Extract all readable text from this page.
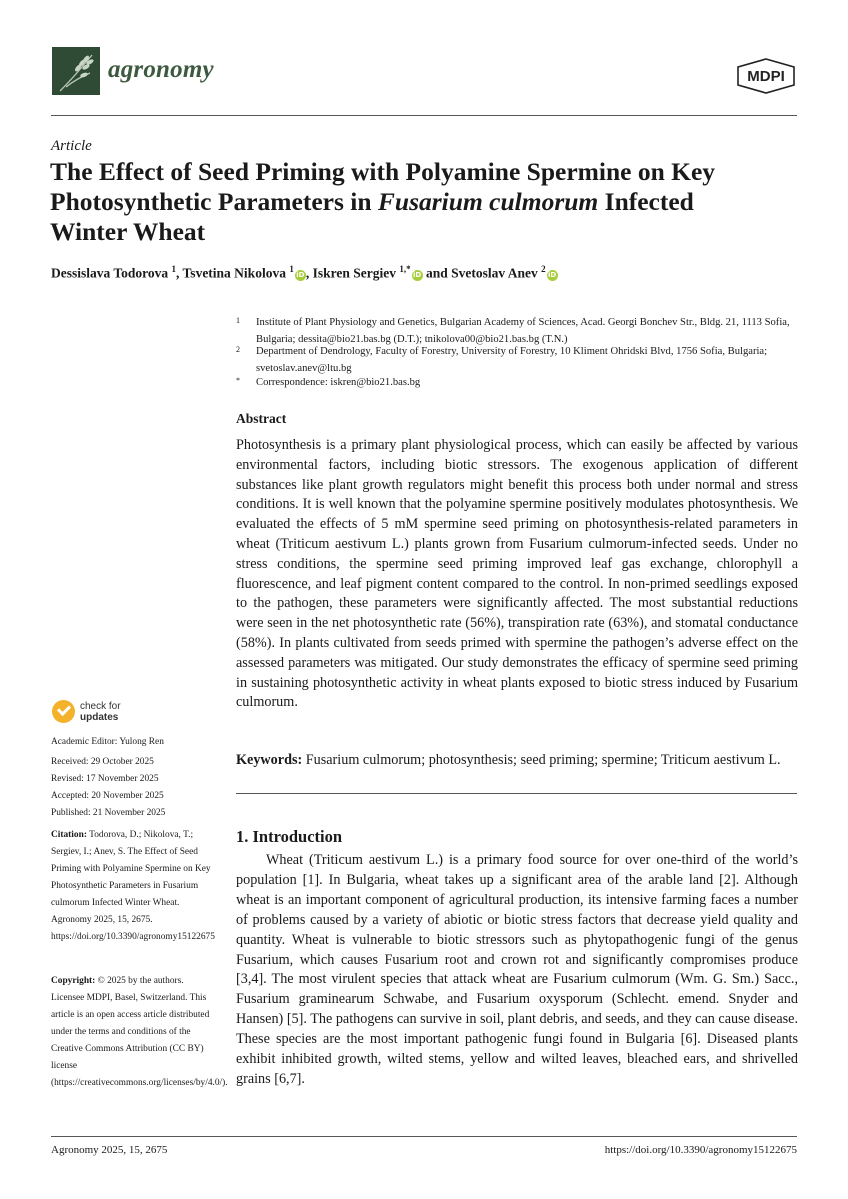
agronomy	MDPI
Article
The Effect of Seed Priming with Polyamine Spermine on Key
Photosynthetic Parameters in Fusarium culmorum Infected
Winter Wheat
Dessislava Todorova $^1$, Tsvetina Nikolova $^1$iD, Iskren Sergiev $^{1,*}$iD and Svetoslav Anev $^2$iD
1 Institute of Plant Physiology and Genetics, Bulgarian Academy of Sciences, Acad. Georgi Bonchev Str., Bldg. 21, 1113 Sofia, Bulgaria; dessita@bio21.bas.bg (D.T.); tnikolova00@bio21.bas.bg (T.N.)
2 Department of Dendrology, Faculty of Forestry, University of Forestry, 10 Kliment Ohridski Blvd, 1756 Sofia, Bulgaria; svetoslav.anev@ltu.bg
* Correspondence: iskren@bio21.bas.bg
Abstract

Photosynthesis is a primary plant physiological process, which can easily be affected by various environmental factors, including biotic stressors. The exogenous application of different substances like plant growth regulators might benefit this process both under normal and stress conditions. It is well known that the polyamine spermine positively modulates photosynthesis. We evaluated the effects of 5 mM spermine seed priming on photosynthesis-related parameters in wheat (Triticum aestivum L.) plants grown from Fusarium culmorum-infected seeds. Under no stress conditions, the spermine seed priming improved leaf gas exchange, chlorophyll a fluorescence, and leaf pigment content compared to the control. In non-primed seedlings exposed to the pathogen, these parameters were significantly affected. The most substantial reductions were seen in the net photosynthetic rate (56%), transpiration rate (63%), and stomatal conductance (58%). In plants cultivated from seeds primed with spermine the pathogen’s adverse effect on the assessed parameters was mitigated. Our study demonstrates the efficacy of spermine seed priming in sustaining photosynthetic activity in wheat plants exposed to biotic stress induced by Fusarium culmorum.

Keywords: Fusarium culmorum; photosynthesis; seed priming; spermine; Triticum aestivum L.
1. Introduction

Wheat (Triticum aestivum L.) is a primary food source for over one-third of the world’s population [1]. In Bulgaria, wheat takes up a significant area of the arable land [2]. Although wheat is an important component of agricultural production, its intensive farming faces a number of problems caused by a variety of abiotic or biotic stress factors that decrease yield quality and quantity. Wheat is vulnerable to biotic stressors such as phytopathogenic fungi of the genus Fusarium, which causes Fusarium root and crown rot and significantly compromises produce [3,4]. The most virulent species that attack wheat are Fusarium culmorum (Wm. G. Sm.) Sacc., Fusarium graminearum Schwabe, and Fusarium oxysporum (Schlecht. emend. Snyder and Hansen) [5]. The pathogens can survive in soil, plant debris, and seeds, and they can cause disease. These species are the most important pathogenic fungi found in Bulgaria [6]. Diseased plants exhibit inhibited growth, wilted stems, yellow and wilted leaves, bleached ears, and shrivelled grains [6,7].

check for
updates
Academic Editor: Yulong Ren
Received: 29 October 2025
Revised: 17 November 2025
Accepted: 20 November 2025
Published: 21 November 2025
Citation: Todorova, D.; Nikolova, T.; Sergiev, I.; Anev, S. The Effect of Seed Priming with Polyamine Spermine on Key Photosynthetic Parameters in Fusarium culmorum Infected Winter Wheat. Agronomy 2025, 15, 2675. https://doi.org/10.3390/agronomy15122675
Copyright: © 2025 by the authors. Licensee MDPI, Basel, Switzerland. This article is an open access article distributed under the terms and conditions of the Creative Commons Attribution (CC BY) license (https://creativecommons.org/licenses/by/4.0/).
Agronomy 2025, 15, 2675	https://doi.org/10.3390/agronomy15122675
